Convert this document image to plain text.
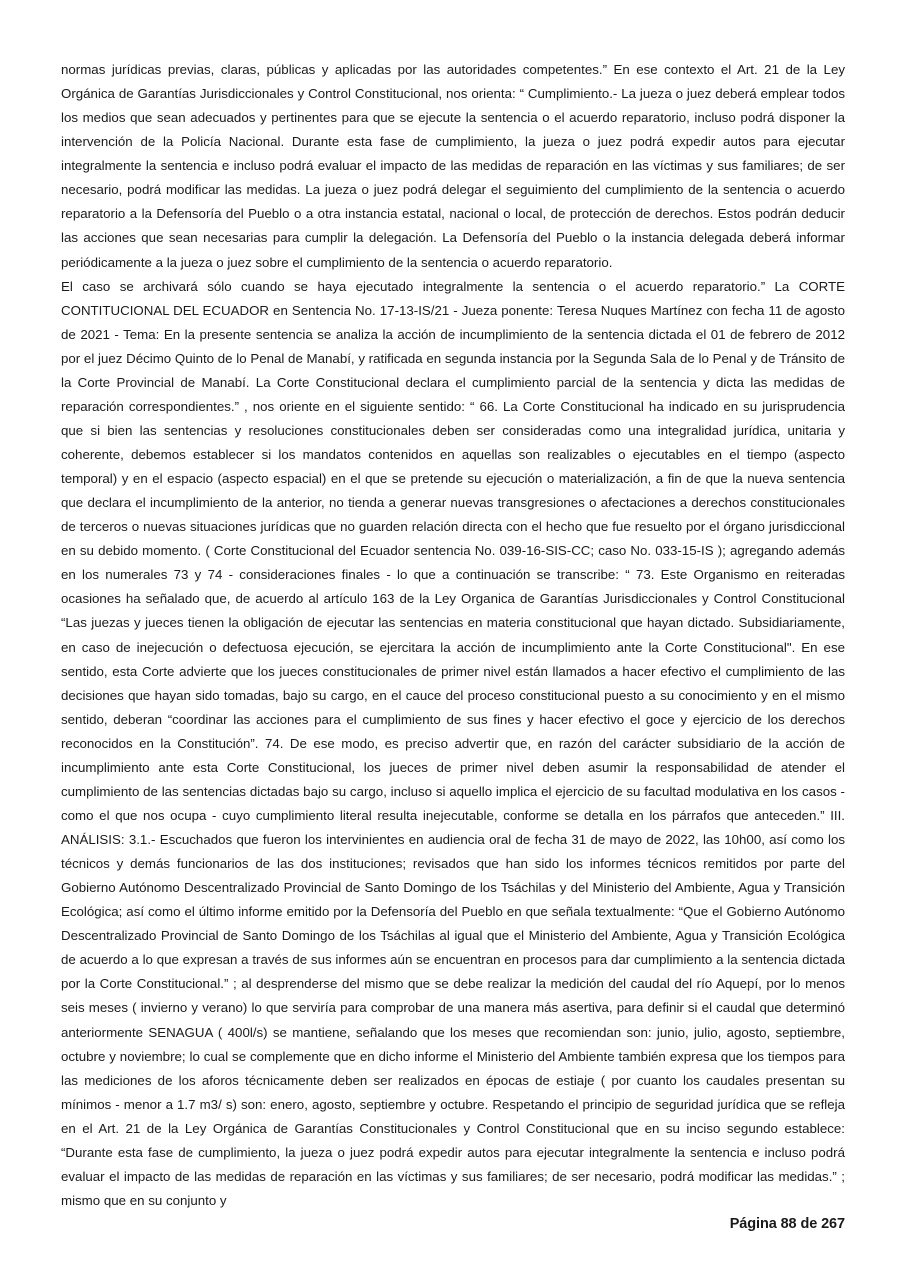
normas jurídicas previas, claras, públicas y aplicadas por las autoridades competentes.” En ese contexto el Art. 21 de la Ley Orgánica de Garantías Jurisdiccionales y Control Constitucional, nos orienta: “ Cumplimiento.- La jueza o juez deberá emplear todos los medios que sean adecuados y pertinentes para que se ejecute la sentencia o el acuerdo reparatorio, incluso podrá disponer la intervención de la Policía Nacional. Durante esta fase de cumplimiento, la jueza o juez podrá expedir autos para ejecutar integralmente la sentencia e incluso podrá evaluar el impacto de las medidas de reparación en las víctimas y sus familiares; de ser necesario, podrá modificar las medidas. La jueza o juez podrá delegar el seguimiento del cumplimiento de la sentencia o acuerdo reparatorio a la Defensoría del Pueblo o a otra instancia estatal, nacional o local, de protección de derechos. Estos podrán deducir las acciones que sean necesarias para cumplir la delegación. La Defensoría del Pueblo o la instancia delegada deberá informar periódicamente a la jueza o juez sobre el cumplimiento de la sentencia o acuerdo reparatorio.

El caso se archivará sólo cuando se haya ejecutado integralmente la sentencia o el acuerdo reparatorio.” La CORTE CONTITUCIONAL DEL ECUADOR en Sentencia No. 17-13-IS/21 - Jueza ponente: Teresa Nuques Martínez con fecha 11 de agosto de 2021 - Tema: En la presente sentencia se analiza la acción de incumplimiento de la sentencia dictada el 01 de febrero de 2012 por el juez Décimo Quinto de lo Penal de Manabí, y ratificada en segunda instancia por la Segunda Sala de lo Penal y de Tránsito de la Corte Provincial de Manabí. La Corte Constitucional declara el cumplimiento parcial de la sentencia y dicta las medidas de reparación correspondientes.” , nos oriente en el siguiente sentido: “ 66. La Corte Constitucional ha indicado en su jurisprudencia que si bien las sentencias y resoluciones constitucionales deben ser consideradas como una integralidad jurídica, unitaria y coherente, debemos establecer si los mandatos contenidos en aquellas son realizables o ejecutables en el tiempo (aspecto temporal) y en el espacio (aspecto espacial) en el que se pretende su ejecución o materialización, a fin de que la nueva sentencia que declara el incumplimiento de la anterior, no tienda a generar nuevas transgresiones o afectaciones a derechos constitucionales de terceros o nuevas situaciones jurídicas que no guarden relación directa con el hecho que fue resuelto por el órgano jurisdiccional en su debido momento. ( Corte Constitucional del Ecuador sentencia No. 039-16-SIS-CC; caso No. 033-15-IS ); agregando además en los numerales 73 y 74 - consideraciones finales - lo que a continuación se transcribe: “ 73. Este Organismo en reiteradas ocasiones ha señalado que, de acuerdo al artículo 163 de la Ley Organica de Garantías Jurisdiccionales y Control Constitucional “Las juezas y jueces tienen la obligación de ejecutar las sentencias en materia constitucional que hayan dictado. Subsidiariamente, en caso de inejecución o defectuosa ejecución, se ejercitara la acción de incumplimiento ante la Corte Constitucional". En ese sentido, esta Corte advierte que los jueces constitucionales de primer nivel están llamados a hacer efectivo el cumplimiento de las decisiones que hayan sido tomadas, bajo su cargo, en el cauce del proceso constitucional puesto a su conocimiento y en el mismo sentido, deberan “coordinar las acciones para el cumplimiento de sus fines y hacer efectivo el goce y ejercicio de los derechos reconocidos en la Constitución”. 74. De ese modo, es preciso advertir que, en razón del carácter subsidiario de la acción de incumplimiento ante esta Corte Constitucional, los jueces de primer nivel deben asumir la responsabilidad de atender el cumplimiento de las sentencias dictadas bajo su cargo, incluso si aquello implica el ejercicio de su facultad modulativa en los casos - como el que nos ocupa - cuyo cumplimiento literal resulta inejecutable, conforme se detalla en los párrafos que anteceden.” III. ANÁLISIS: 3.1.- Escuchados que fueron los intervinientes en audiencia oral de fecha 31 de mayo de 2022, las 10h00, así como los técnicos y demás funcionarios de las dos instituciones; revisados que han sido los informes técnicos remitidos por parte del Gobierno Autónomo Descentralizado Provincial de Santo Domingo de los Tsáchilas y del Ministerio del Ambiente, Agua y Transición Ecológica; así como el último informe emitido por la Defensoría del Pueblo en que señala textualmente: “Que el Gobierno Autónomo Descentralizado Provincial de Santo Domingo de los Tsáchilas al igual que el Ministerio del Ambiente, Agua y Transición Ecológica de acuerdo a lo que expresan a través de sus informes aún se encuentran en procesos para dar cumplimiento a la sentencia dictada por la Corte Constitucional.” ; al desprenderse del mismo que se debe realizar la medición del caudal del río Aquepí, por lo menos seis meses ( invierno y verano) lo que serviría para comprobar de una manera más asertiva, para definir si el caudal que determinó anteriormente SENAGUA ( 400l/s) se mantiene, señalando que los meses que recomiendan son: junio, julio, agosto, septiembre, octubre y noviembre; lo cual se complemente que en dicho informe el Ministerio del Ambiente también expresa que los tiempos para las mediciones de los aforos técnicamente deben ser realizados en épocas de estiaje ( por cuanto los caudales presentan su mínimos - menor a 1.7 m3/ s) son: enero, agosto, septiembre y octubre. Respetando el principio de seguridad jurídica que se refleja en el Art. 21 de la Ley Orgánica de Garantías Constitucionales y Control Constitucional que en su inciso segundo establece: “Durante esta fase de cumplimiento, la jueza o juez podrá expedir autos para ejecutar integralmente la sentencia e incluso podrá evaluar el impacto de las medidas de reparación en las víctimas y sus familiares; de ser necesario, podrá modificar las medidas.” ; mismo que en su conjunto y

Página 88 de 267
